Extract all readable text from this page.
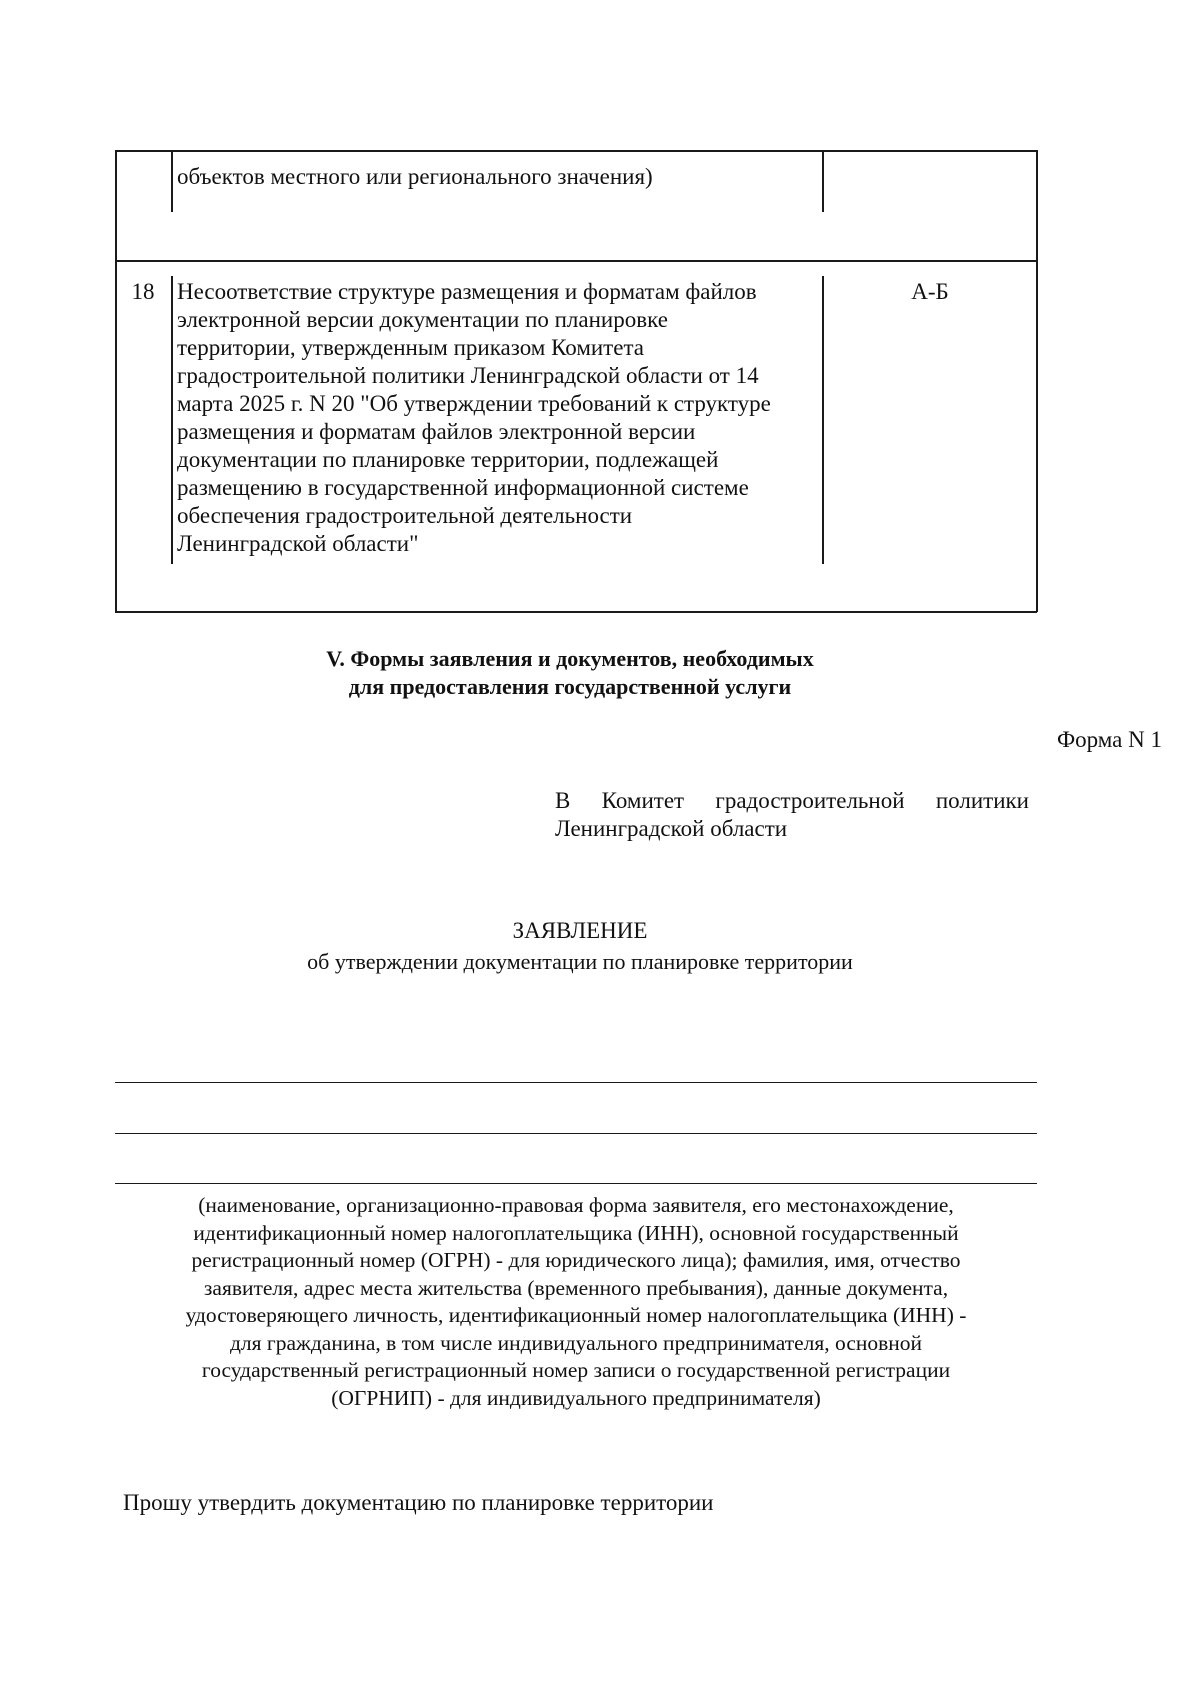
объектов местного или регионального значения)
18 Несоответствие структуре размещения и форматам файлов
электронной версии документации по планировке
территории, утвержденным приказом Комитета
градостроительной политики Ленинградской области от 14
марта 2025 г. N 20 "Об утверждении требований к структуре
размещения и форматам файлов электронной версии
документации по планировке территории, подлежащей
размещению в государственной информационной системе
обеспечения градостроительной деятельности
Ленинградской области"
А-Б
V. Формы заявления и документов, необходимых
для предоставления государственной услуги
Форма N 1
В Комитет градостроительной политики
Ленинградской области
ЗАЯВЛЕНИЕ
об утверждении документации по планировке территории
(наименование, организационно-правовая форма заявителя, его местонахождение,
идентификационный номер налогоплательщика (ИНН), основной государственный
регистрационный номер (ОГРН) - для юридического лица); фамилия, имя, отчество
заявителя, адрес места жительства (временного пребывания), данные документа,
удостоверяющего личность, идентификационный номер налогоплательщика (ИНН) -
для гражданина, в том числе индивидуального предпринимателя, основной
государственный регистрационный номер записи о государственной регистрации
(ОГРНИП) - для индивидуального предпринимателя)
Прошу утвердить документацию по планировке территории
